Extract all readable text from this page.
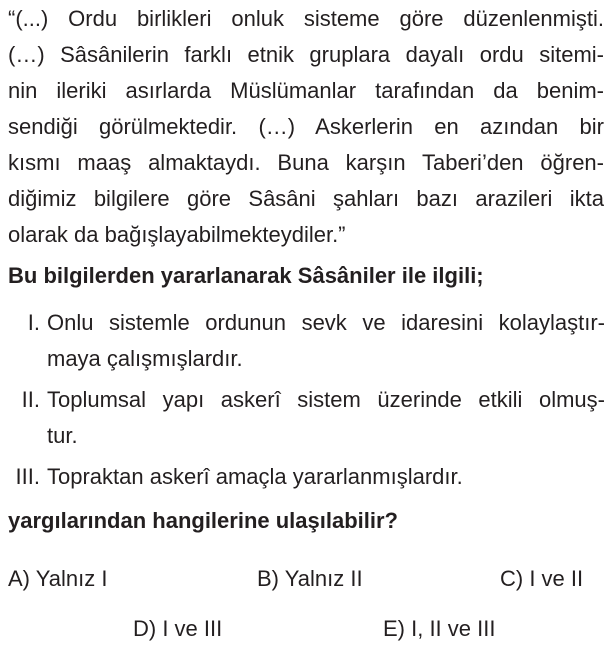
“(...) Ordu birlikleri onluk sisteme göre düzenlenmişti.
(…) Sâsânilerin farklı etnik gruplara dayalı ordu sitemi-
nin ileriki asırlarda Müslümanlar tarafından da benim-
sendiği görülmektedir. (…) Askerlerin en azından bir
kısmı maaş almaktaydı. Buna karşın Taberi’den öğren-
diğimiz bilgilere göre Sâsâni şahları bazı arazileri ikta
olarak da bağışlayabilmekteydiler.”
Bu bilgilerden yararlanarak Sâsâniler ile ilgili;
I. Onlu sistemle ordunun sevk ve idaresini kolaylaştır-
maya çalışmışlardır.
II. Toplumsal yapı askerî sistem üzerinde etkili olmuş-
tur.
III. Topraktan askerî amaçla yararlanmışlardır.
yargılarından hangilerine ulaşılabilir?
A) Yalnız I	B) Yalnız II	C) I ve II
D) I ve III	E) I, II ve III
